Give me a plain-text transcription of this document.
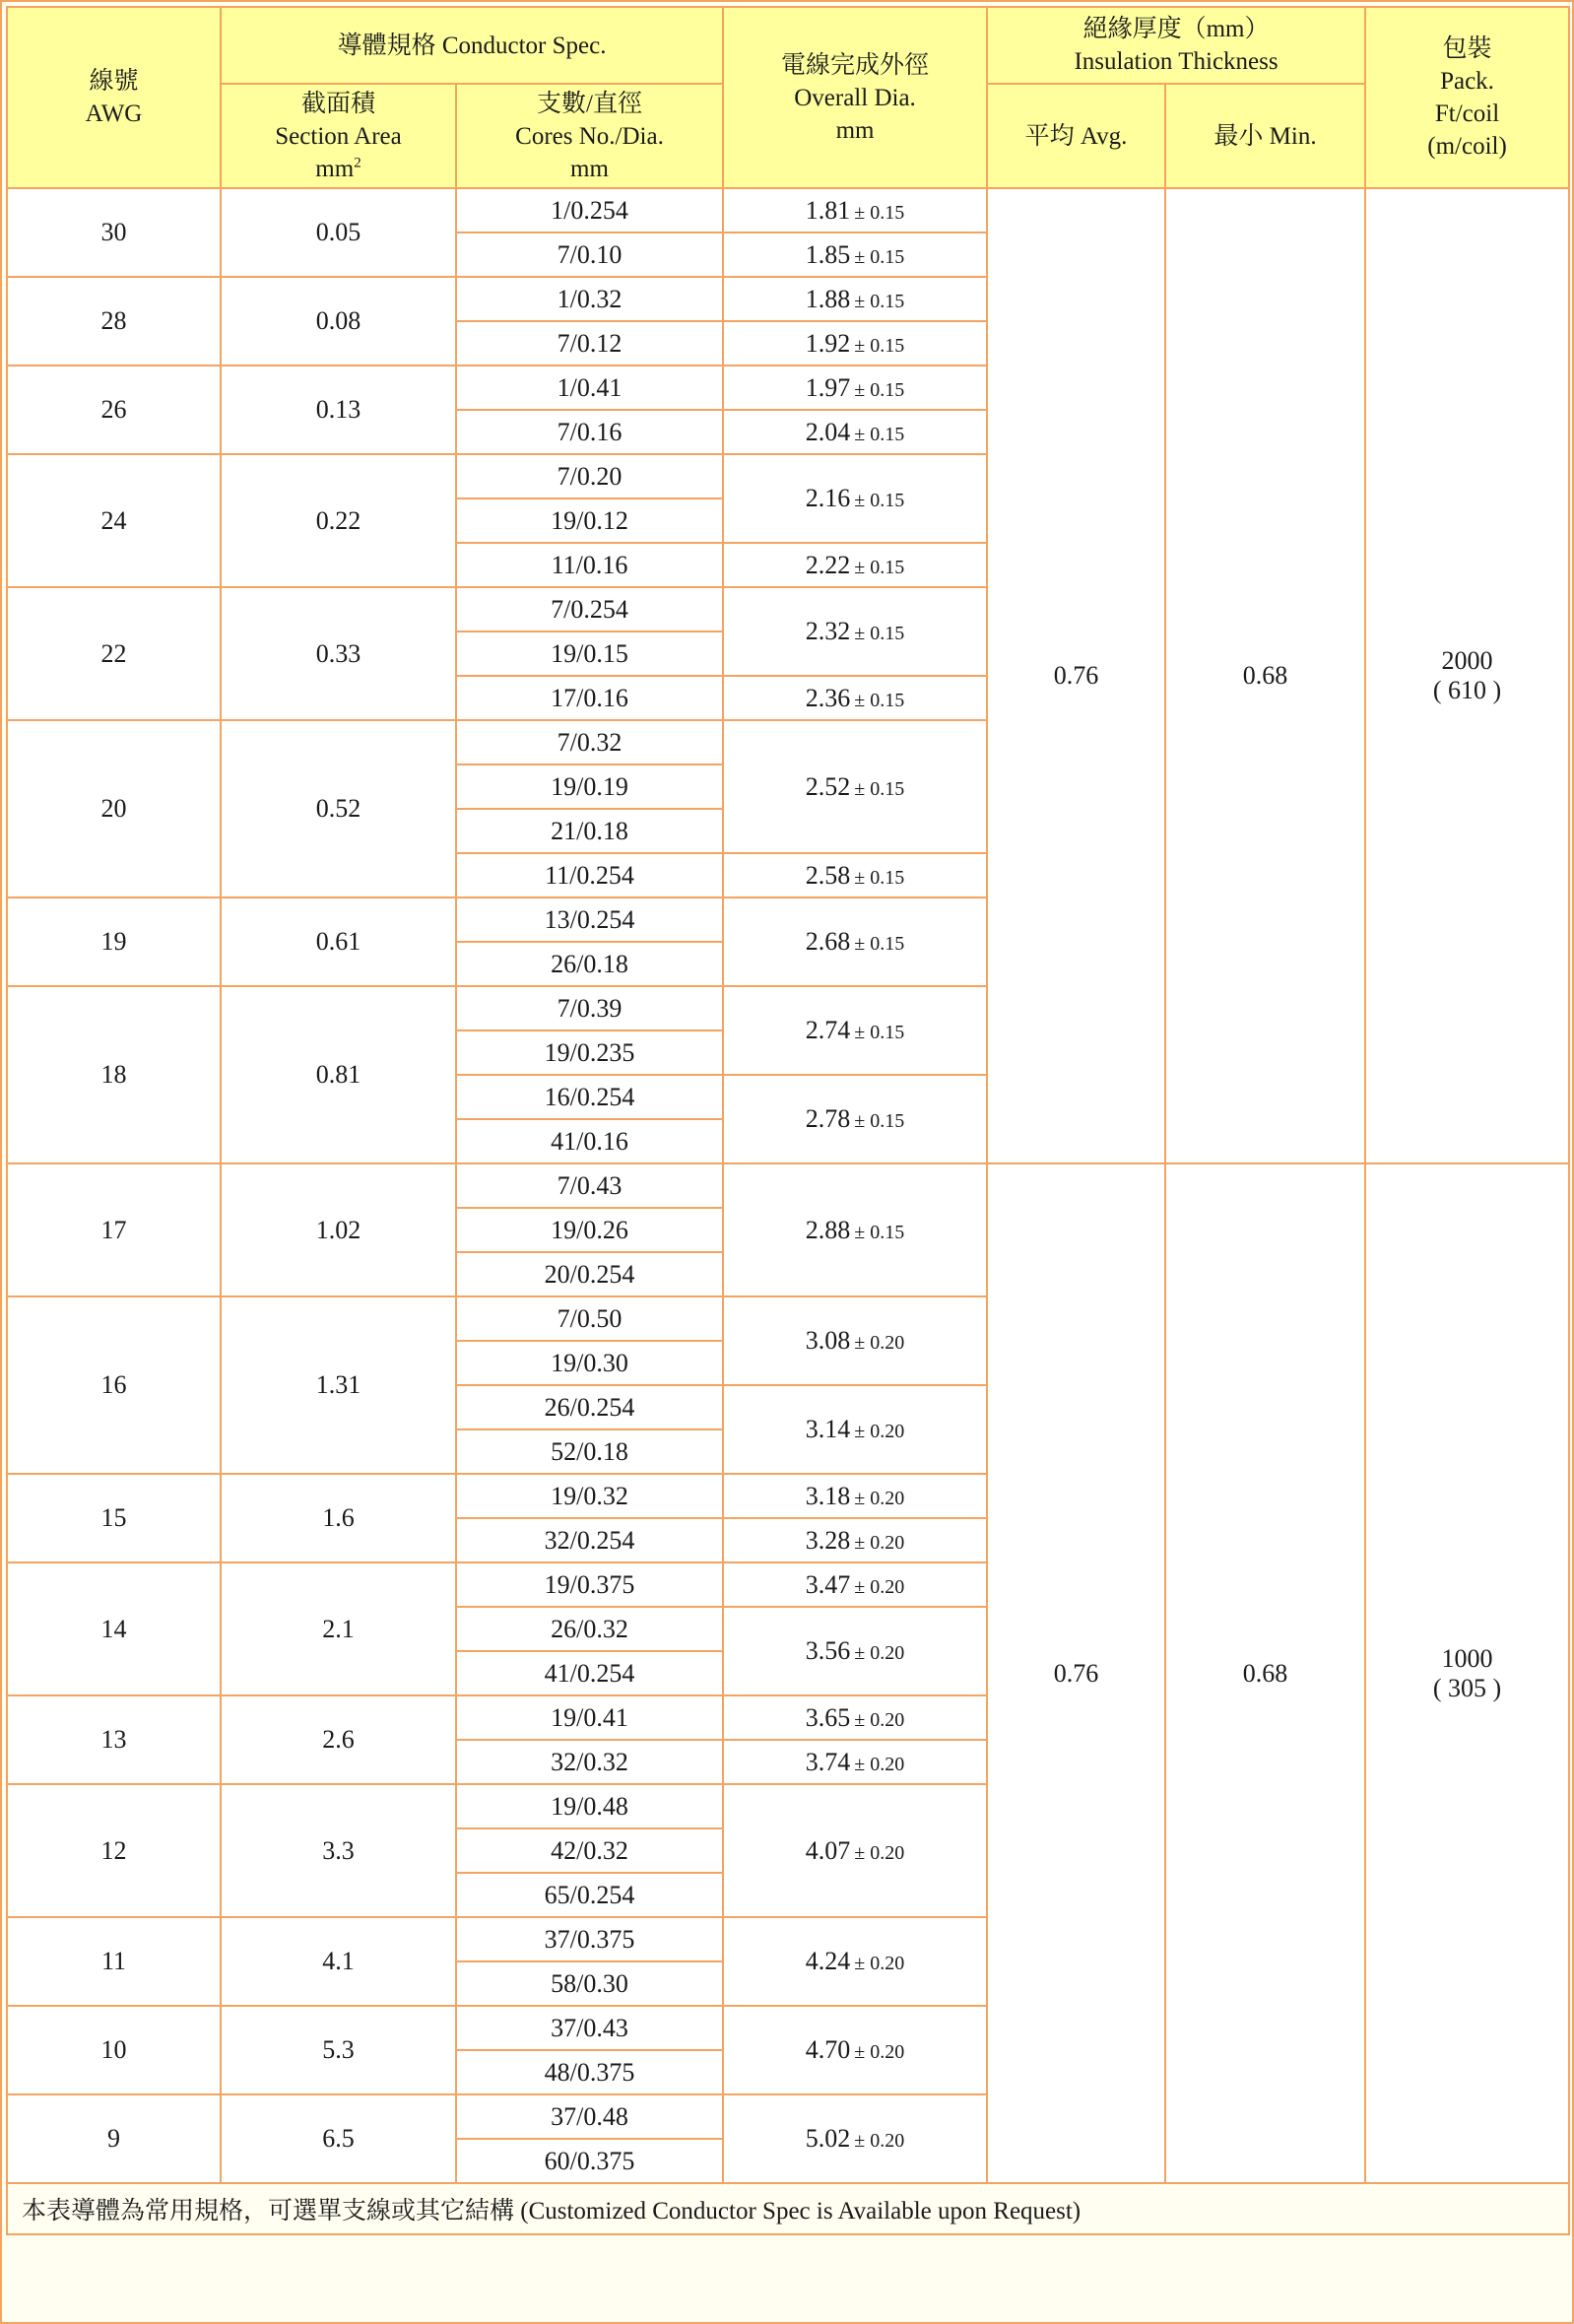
線號
AWG	導體規格 Conductor Spec.		電線完成外徑
Overall Dia.
mm	絕緣厚度（mm）
Insulation Thickness		包裝
Pack.
Ft/coil
(m/coil)

	截面積
Section Area
$mm^2$	支數/直徑
Cores No./Dia.
mm		平均 Avg.	最小 Min.	
30	0.05	1/0.254	1.81 ± 0.15	0.76	0.68	2000
( 610 )

		7/0.10	1.85 ± 0.15			
28	0.08	1/0.32	1.88 ± 0.15			
		7/0.12	1.92 ± 0.15			
26	0.13	1/0.41	1.97 ± 0.15			
		7/0.16	2.04 ± 0.15			
24	0.22	7/0.20	2.16 ± 0.15			
		19/0.12				
		11/0.16	2.22 ± 0.15			
22	0.33	7/0.254	2.32 ± 0.15			
		19/0.15				
		17/0.16	2.36 ± 0.15			
20	0.52	7/0.32	2.52 ± 0.15			
		19/0.19				
		21/0.18				
		11/0.254	2.58 ± 0.15			
19	0.61	13/0.254	2.68 ± 0.15			
		26/0.18				
18	0.81	7/0.39	2.74 ± 0.15			
		19/0.235				
		16/0.254	2.78 ± 0.15			
		41/0.16				
17	1.02	7/0.43	2.88 ± 0.15	0.76	0.68	1000
( 305 )

		19/0.26				
		20/0.254				
16	1.31	7/0.50	3.08 ± 0.20			
		19/0.30				
		26/0.254	3.14 ± 0.20			
		52/0.18				
15	1.6	19/0.32	3.18 ± 0.20			
		32/0.254	3.28 ± 0.20			
14	2.1	19/0.375	3.47 ± 0.20			
		26/0.32	3.56 ± 0.20			
		41/0.254				
13	2.6	19/0.41	3.65 ± 0.20			
		32/0.32	3.74 ± 0.20			
12	3.3	19/0.48	4.07 ± 0.20			
		42/0.32				
		65/0.254				
11	4.1	37/0.375	4.24 ± 0.20			
		58/0.30				
10	5.3	37/0.43	4.70 ± 0.20			
		48/0.375				
9	6.5	37/0.48	5.02 ± 0.20			
		60/0.375				
本表導體為常用規格，可選單支線或其它結構 (Customized Conductor Spec is Available upon Request)						
